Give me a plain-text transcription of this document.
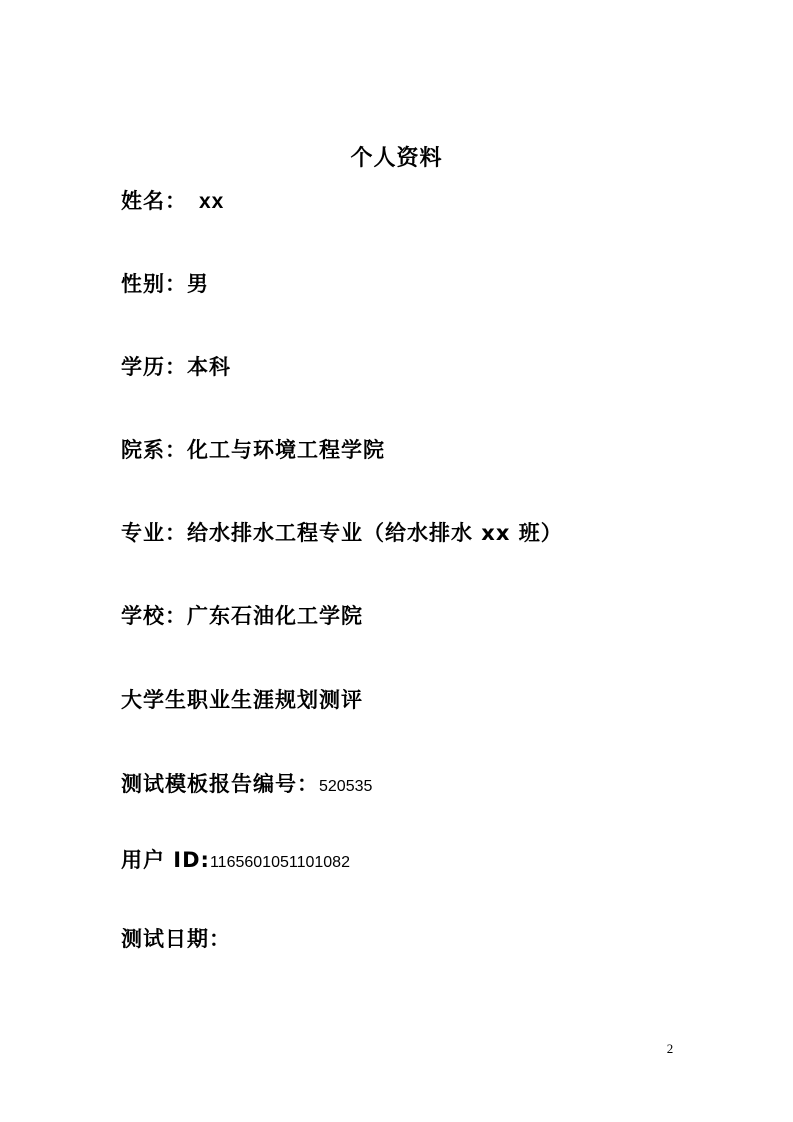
个人资料
姓名： xx
性别：男
学历：本科
院系：化工与环境工程学院
专业：给水排水工程专业（给水排水 xx 班）
学校：广东石油化工学院
大学生职业生涯规划测评
测试模板报告编号：520535
用户 ID:1165601051101082
测试日期：
2
